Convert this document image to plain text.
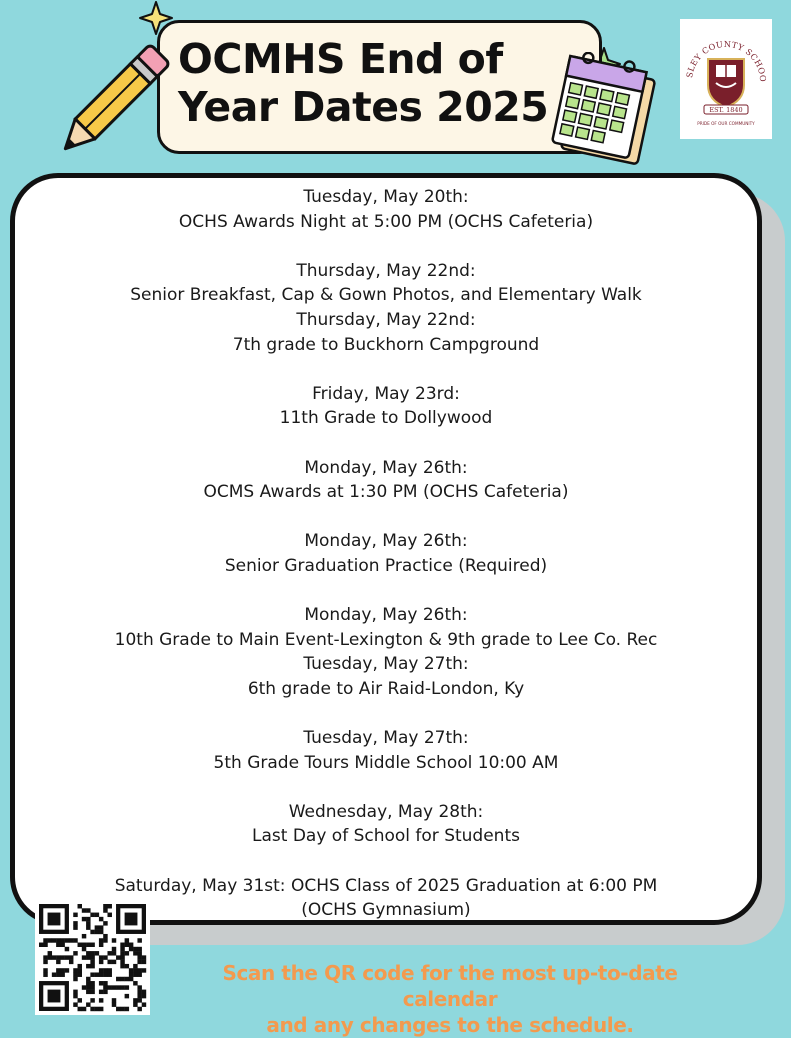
OCMHS End of
Year Dates 2025
SLEY COUNTY SCHOO
EST. 1840
PRIDE OF OUR COMMUNITY
Tuesday, May 20th:
OCHS Awards Night at 5:00 PM (OCHS Cafeteria)
Thursday, May 22nd:
Senior Breakfast, Cap & Gown Photos, and Elementary Walk
Thursday, May 22nd:
7th grade to Buckhorn Campground
Friday, May 23rd:
11th Grade to Dollywood
Monday, May 26th:
OCMS Awards at 1:30 PM (OCHS Cafeteria)
Monday, May 26th:
Senior Graduation Practice (Required)
Monday, May 26th:
10th Grade to Main Event-Lexington & 9th grade to Lee Co. Rec
Tuesday, May 27th:
6th grade to Air Raid-London, Ky
Tuesday, May 27th:
5th Grade Tours Middle School 10:00 AM
Wednesday, May 28th:
Last Day of School for Students
Saturday, May 31st: OCHS Class of 2025 Graduation at 6:00 PM (OCHS Gymnasium)
Scan the QR code for the most up-to-date calendar
and any changes to the schedule.
